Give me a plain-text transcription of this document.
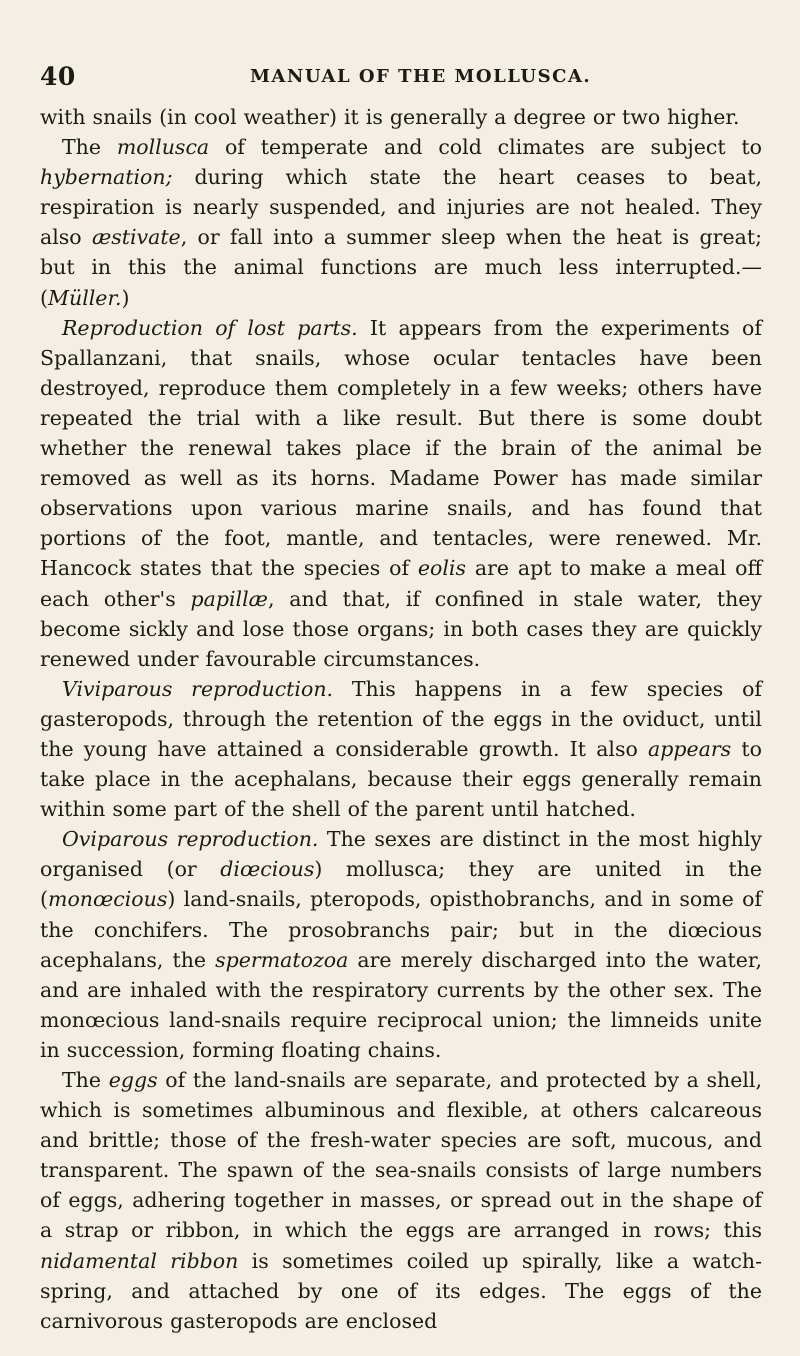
40	MANUAL OF THE MOLLUSCA.

with snails (in cool weather) it is generally a degree or two higher.

The mollusca of temperate and cold climates are subject to hybernation; during which state the heart ceases to beat, respiration is nearly suspended, and injuries are not healed. They also æstivate, or fall into a summer sleep when the heat is great; but in this the animal functions are much less interrupted.—(Müller.)

Reproduction of lost parts. It appears from the experiments of Spallanzani, that snails, whose ocular tentacles have been destroyed, reproduce them completely in a few weeks; others have repeated the trial with a like result. But there is some doubt whether the renewal takes place if the brain of the animal be removed as well as its horns. Madame Power has made similar observations upon various marine snails, and has found that portions of the foot, mantle, and tentacles, were renewed. Mr. Hancock states that the species of eolis are apt to make a meal off each other's papillæ, and that, if confined in stale water, they become sickly and lose those organs; in both cases they are quickly renewed under favourable circumstances.

Viviparous reproduction. This happens in a few species of gasteropods, through the retention of the eggs in the oviduct, until the young have attained a considerable growth. It also appears to take place in the acephalans, because their eggs generally remain within some part of the shell of the parent until hatched.

Oviparous reproduction. The sexes are distinct in the most highly organised (or diœcious) mollusca; they are united in the (monœcious) land-snails, pteropods, opisthobranchs, and in some of the conchifers. The prosobranchs pair; but in the diœcious acephalans, the spermatozoa are merely discharged into the water, and are inhaled with the respiratory currents by the other sex. The monœcious land-snails require reciprocal union; the limneids unite in succession, forming floating chains.

The eggs of the land-snails are separate, and protected by a shell, which is sometimes albuminous and flexible, at others calcareous and brittle; those of the fresh-water species are soft, mucous, and transparent. The spawn of the sea-snails consists of large numbers of eggs, adhering together in masses, or spread out in the shape of a strap or ribbon, in which the eggs are arranged in rows; this nidamental ribbon is sometimes coiled up spirally, like a watch-spring, and attached by one of its edges. The eggs of the carnivorous gasteropods are enclosed
